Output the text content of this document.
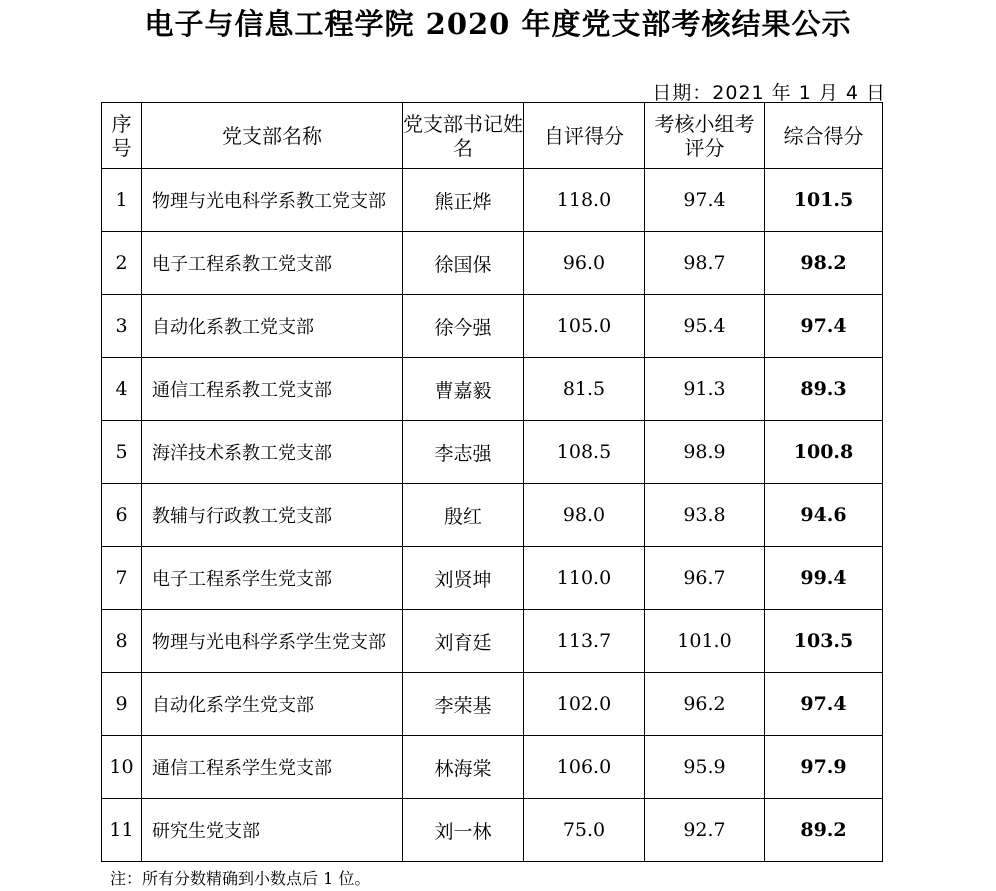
电子与信息工程学院 2020 年度党支部考核结果公示
日期：2021 年 1 月 4 日
序号	党支部名称	党支部书记姓名	自评得分	考核小组考评分	综合得分
1	物理与光电科学系教工党支部	熊正烨	118.0	97.4	101.5
2	电子工程系教工党支部	徐国保	96.0	98.7	98.2
3	自动化系教工党支部	徐今强	105.0	95.4	97.4
4	通信工程系教工党支部	曹嘉毅	81.5	91.3	89.3
5	海洋技术系教工党支部	李志强	108.5	98.9	100.8
6	教辅与行政教工党支部	殷红	98.0	93.8	94.6
7	电子工程系学生党支部	刘贤坤	110.0	96.7	99.4
8	物理与光电科学系学生党支部	刘育廷	113.7	101.0	103.5
9	自动化系学生党支部	李荣基	102.0	96.2	97.4
10	通信工程系学生党支部	林海棠	106.0	95.9	97.9
11	研究生党支部	刘一林	75.0	92.7	89.2
注：所有分数精确到小数点后 1 位。
